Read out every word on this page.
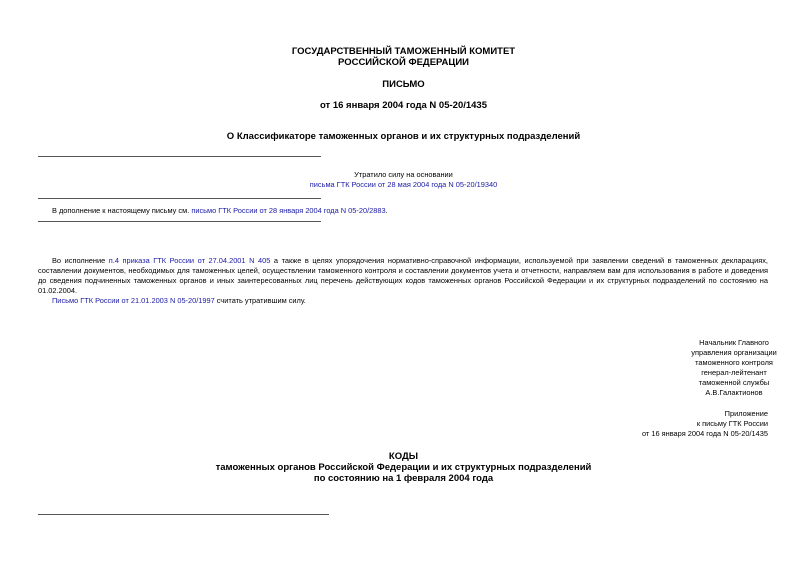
ГОСУДАРСТВЕННЫЙ ТАМОЖЕННЫЙ КОМИТЕТ
РОССИЙСКОЙ ФЕДЕРАЦИИ
ПИСЬМО
от 16 января 2004 года N 05-20/1435
О Классификаторе таможенных органов и их структурных подразделений
Утратило силу на основании
письма ГТК России от 28 мая 2004 года N 05-20/19340
В дополнение к настоящему письму см. письмо ГТК России от 28 января 2004 года N 05-20/2883.
Во исполнение п.4 приказа ГТК России от 27.04.2001 N 405 а также в целях упорядочения нормативно-справочной информации, используемой при заявлении сведений в таможенных декларациях, составлении документов, необходимых для таможенных целей, осуществлении таможенного контроля и составлении документов учета и отчетности, направляем вам для использования в работе и доведения до сведения подчиненных таможенных органов и иных заинтересованных лиц перечень действующих кодов таможенных органов Российской Федерации и их структурных подразделений по состоянию на 01.02.2004.
Письмо ГТК России от 21.01.2003 N 05-20/1997 считать утратившим силу.
Начальник Главного
управления организации
таможенного контроля
генерал-лейтенант
таможенной службы
А.В.Галактионов
Приложение
к письму ГТК России
от 16 января 2004 года N 05-20/1435
КОДЫ
таможенных органов Российской Федерации и их структурных подразделений
по состоянию на 1 февраля 2004 года
